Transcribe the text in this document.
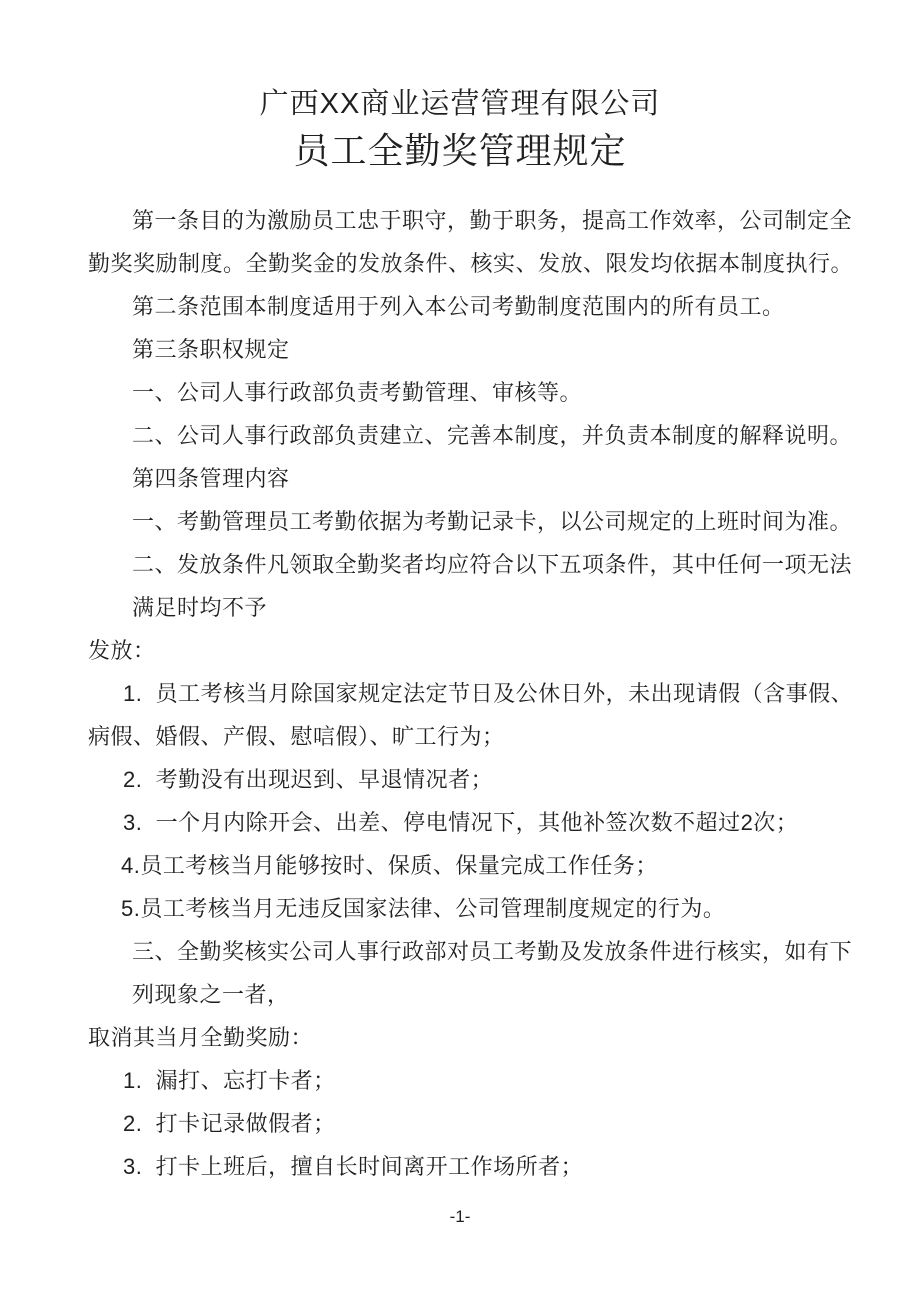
广西XX商业运营管理有限公司
员工全勤奖管理规定
第一条目的为激励员工忠于职守，勤于职务，提高工作效率，公司制定全
勤奖奖励制度。全勤奖金的发放条件、核实、发放、限发均依据本制度执行。
第二条范围本制度适用于列入本公司考勤制度范围内的所有员工。
第三条职权规定
一、公司人事行政部负责考勤管理、审核等。
二、公司人事行政部负责建立、完善本制度，并负责本制度的解释说明。
第四条管理内容
一、考勤管理员工考勤依据为考勤记录卡，以公司规定的上班时间为准。
二、发放条件凡领取全勤奖者均应符合以下五项条件，其中任何一项无法
满足时均不予
发放：
1.  员工考核当月除国家规定法定节日及公休日外，未出现请假（含事假、
病假、婚假、产假、慰唁假）、旷工行为；
2.  考勤没有出现迟到、早退情况者；
3.  一个月内除开会、出差、停电情况下，其他补签次数不超过2次；
4.员工考核当月能够按时、保质、保量完成工作任务；
5.员工考核当月无违反国家法律、公司管理制度规定的行为。
三、全勤奖核实公司人事行政部对员工考勤及发放条件进行核实，如有下
列现象之一者，
取消其当月全勤奖励：
1.  漏打、忘打卡者；
2.  打卡记录做假者；
3.  打卡上班后，擅自长时间离开工作场所者；
-1-
